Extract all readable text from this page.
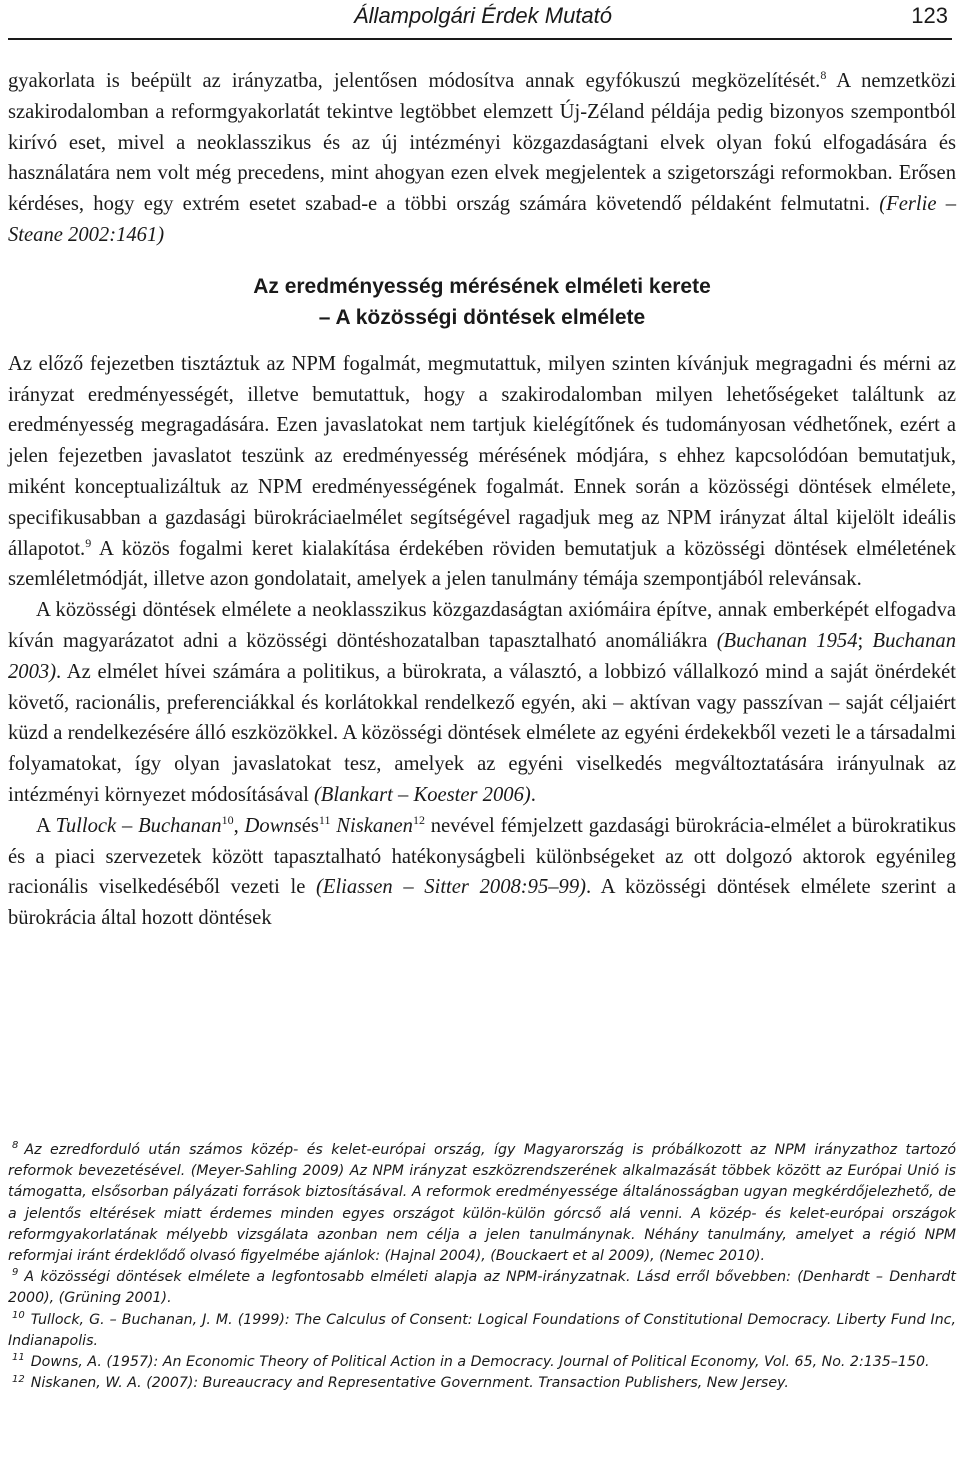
Állampolgári Érdek Mutató	123

gyakorlata is beépült az irányzatba, jelentősen módosítva annak egyfókuszú megközelítését.$^8$ A nemzetközi szakirodalomban a reformgyakorlatát tekintve legtöbbet elemzett Új-Zéland példája pedig bizonyos szempontból kirívó eset, mivel a neoklasszikus és az új intézményi közgazdaságtani elvek olyan fokú elfogadására és használatára nem volt még precedens, mint ahogyan ezen elvek megjelentek a szigetországi reformokban. Erősen kérdéses, hogy egy extrém esetet szabad-e a többi ország számára követendő példaként felmutatni. (Ferlie – Steane 2002:1461)

Az eredményesség mérésének elméleti kerete
– A közösségi döntések elmélete

Az előző fejezetben tisztáztuk az NPM fogalmát, megmutattuk, milyen szinten kívánjuk megragadni és mérni az irányzat eredményességét, illetve bemutattuk, hogy a szakirodalomban milyen lehetőségeket találtunk az eredményesség megragadására. Ezen javaslatokat nem tartjuk kielégítőnek és tudományosan védhetőnek, ezért a jelen fejezetben javaslatot teszünk az eredményesség mérésének módjára, s ehhez kapcsolódóan bemutatjuk, miként konceptualizáltuk az NPM eredményességének fogalmát. Ennek során a közösségi döntések elmélete, specifikusabban a gazdasági bürokráciaelmélet segítségével ragadjuk meg az NPM irányzat által kijelölt ideális állapotot.$^9$ A közös fogalmi keret kialakítása érdekében röviden bemutatjuk a közösségi döntések elméletének szemléletmódját, illetve azon gondolatait, amelyek a jelen tanulmány témája szempontjából relevánsak.

A közösségi döntések elmélete a neoklasszikus közgazdaságtan axiómáira építve, annak emberképét elfogadva kíván magyarázatot adni a közösségi döntéshozatalban tapasztalható anomáliákra (Buchanan 1954; Buchanan 2003). Az elmélet hívei számára a politikus, a bürokrata, a választó, a lobbizó vállalkozó mind a saját önérdekét követő, racionális, preferenciákkal és korlátokkal rendelkező egyén, aki – aktívan vagy passzívan – saját céljaiért küzd a rendelkezésére álló eszközökkel. A közösségi döntések elmélete az egyéni érdekekből vezeti le a társadalmi folyamatokat, így olyan javaslatokat tesz, amelyek az egyéni viselkedés megváltoztatására irányulnak az intézményi környezet módosításával (Blankart – Koester 2006).

A Tullock – Buchanan$^{10}$, Downsés$^{11}$ Niskanen$^{12}$ nevével fémjelzett gazdasági bürokrácia-elmélet a bürokratikus és a piaci szervezetek között tapasztalható hatékonyságbeli különbségeket az ott dolgozó aktorok egyénileg racionális viselkedéséből vezeti le (Eliassen – Sitter 2008:95–99). A közösségi döntések elmélete szerint a bürokrácia által hozott döntések

$^8$ Az ezredforduló után számos közép- és kelet-európai ország, így Magyarország is próbálkozott az NPM irányzathoz tartozó reformok bevezetésével. (Meyer-Sahling 2009) Az NPM irányzat eszközrendszerének alkalmazását többek között az Európai Unió is támogatta, elsősorban pályázati források biztosításával. A reformok eredményessége általánosságban ugyan megkérdőjelezhető, de a jelentős eltérések miatt érdemes minden egyes országot külön-külön górcső alá venni. A közép- és kelet-európai országok reformgyakorlatának mélyebb vizsgálata azonban nem célja a jelen tanulmánynak. Néhány tanulmány, amelyet a régió NPM reformjai iránt érdeklődő olvasó figyelmébe ajánlok: (Hajnal 2004), (Bouckaert et al 2009), (Nemec 2010).

$^9$ A közösségi döntések elmélete a legfontosabb elméleti alapja az NPM-irányzatnak. Lásd erről bővebben: (Denhardt – Denhardt 2000), (Grüning 2001).

$^{10}$ Tullock, G. – Buchanan, J. M. (1999): The Calculus of Consent: Logical Foundations of Constitutional Democracy. Liberty Fund Inc, Indianapolis.

$^{11}$ Downs, A. (1957): An Economic Theory of Political Action in a Democracy. Journal of Political Economy, Vol. 65, No. 2:135–150.

$^{12}$ Niskanen, W. A. (2007): Bureaucracy and Representative Government. Transaction Publishers, New Jersey.
